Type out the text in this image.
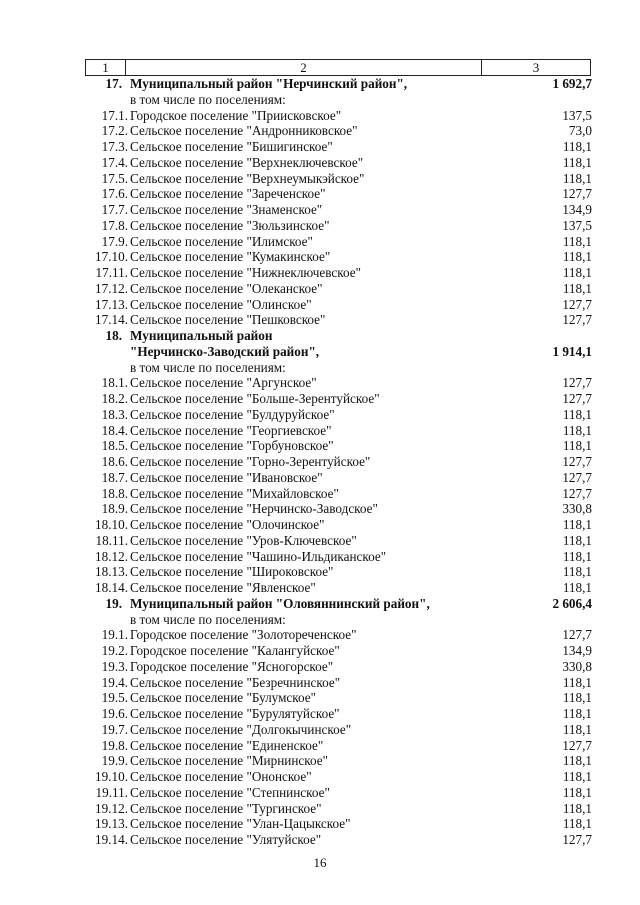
1	2	3
17. Муниципальный район "Нерчинский район",	1 692,7
в том числе по поселениям:
17.1. Городское поселение "Приисковское"	137,5
17.2. Сельское поселение "Андронниковское"	73,0
17.3. Сельское поселение "Бишигинское"	118,1
17.4. Сельское поселение "Верхнеключевское"	118,1
17.5. Сельское поселение "Верхнеумыкэйское"	118,1
17.6. Сельское поселение "Зареченское"	127,7
17.7. Сельское поселение "Знаменское"	134,9
17.8. Сельское поселение "Зюльзинское"	137,5
17.9. Сельское поселение "Илимское"	118,1
17.10. Сельское поселение "Кумакинское"	118,1
17.11. Сельское поселение "Нижнеключевское"	118,1
17.12. Сельское поселение "Олеканское"	118,1
17.13. Сельское поселение "Олинское"	127,7
17.14. Сельское поселение "Пешковское"	127,7
18. Муниципальный район
"Нерчинско-Заводский район",	1 914,1
в том числе по поселениям:
18.1. Сельское поселение "Аргунское"	127,7
18.2. Сельское поселение "Больше-Зерентуйское"	127,7
18.3. Сельское поселение "Булдуруйское"	118,1
18.4. Сельское поселение "Георгиевское"	118,1
18.5. Сельское поселение "Горбуновское"	118,1
18.6. Сельское поселение "Горно-Зерентуйское"	127,7
18.7. Сельское поселение "Ивановское"	127,7
18.8. Сельское поселение "Михайловское"	127,7
18.9. Сельское поселение "Нерчинско-Заводское"	330,8
18.10. Сельское поселение "Олочинское"	118,1
18.11. Сельское поселение "Уров-Ключевское"	118,1
18.12. Сельское поселение "Чашино-Ильдиканское"	118,1
18.13. Сельское поселение "Широковское"	118,1
18.14. Сельское поселение "Явленское"	118,1
19. Муниципальный район "Оловяннинский район",	2 606,4
в том числе по поселениям:
19.1. Городское поселение "Золотореченское"	127,7
19.2. Городское поселение "Калангуйское"	134,9
19.3. Городское поселение "Ясногорское"	330,8
19.4. Сельское поселение "Безречнинское"	118,1
19.5. Сельское поселение "Булумское"	118,1
19.6. Сельское поселение "Бурулятуйское"	118,1
19.7. Сельское поселение "Долгокычинское"	118,1
19.8. Сельское поселение "Единенское"	127,7
19.9. Сельское поселение "Мирнинское"	118,1
19.10. Сельское поселение "Ононское"	118,1
19.11. Сельское поселение "Степнинское"	118,1
19.12. Сельское поселение "Тургинское"	118,1
19.13. Сельское поселение "Улан-Цацыкское"	118,1
19.14. Сельское поселение "Улятуйское"	127,7
16
